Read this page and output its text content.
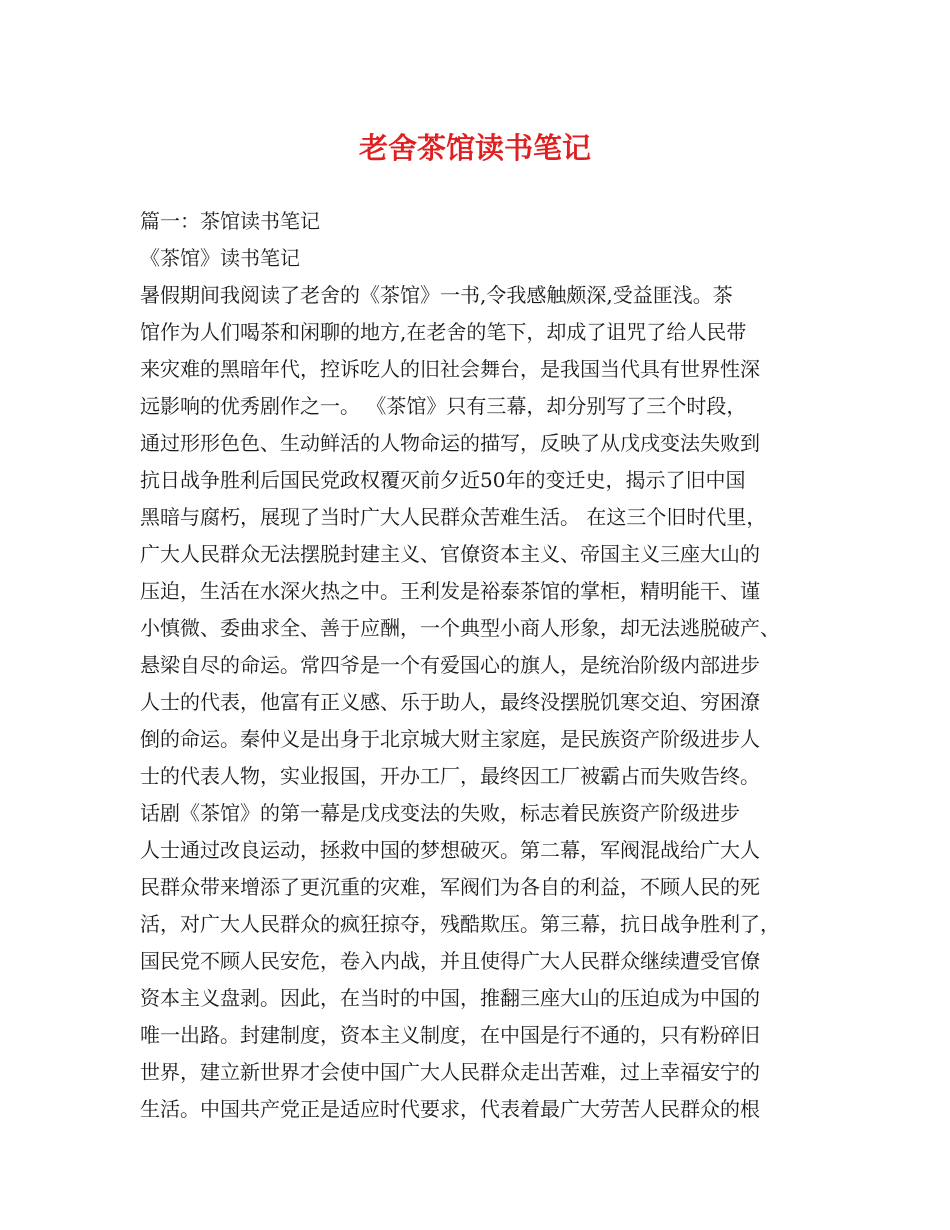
老舍茶馆读书笔记
篇一：茶馆读书笔记
《茶馆》读书笔记
暑假期间我阅读了老舍的《茶馆》一书,令我感触颇深,受益匪浅。茶
馆作为人们喝茶和闲聊的地方,在老舍的笔下，却成了诅咒了给人民带
来灾难的黑暗年代，控诉吃人的旧社会舞台，是我国当代具有世界性深
远影响的优秀剧作之一。 《茶馆》只有三幕，却分别写了三个时段，
通过形形色色、生动鲜活的人物命运的描写，反映了从戊戌变法失败到
抗日战争胜利后国民党政权覆灭前夕近50年的变迁史，揭示了旧中国
黑暗与腐朽，展现了当时广大人民群众苦难生活。 在这三个旧时代里，
广大人民群众无法摆脱封建主义、官僚资本主义、帝国主义三座大山的
压迫，生活在水深火热之中。王利发是裕泰茶馆的掌柜，精明能干、谨
小慎微、委曲求全、善于应酬，一个典型小商人形象，却无法逃脱破产、
悬梁自尽的命运。常四爷是一个有爱国心的旗人，是统治阶级内部进步
人士的代表，他富有正义感、乐于助人，最终没摆脱饥寒交迫、穷困潦
倒的命运。秦仲义是出身于北京城大财主家庭，是民族资产阶级进步人
士的代表人物，实业报国，开办工厂，最终因工厂被霸占而失败告终。
话剧《茶馆》的第一幕是戊戌变法的失败，标志着民族资产阶级进步
人士通过改良运动，拯救中国的梦想破灭。第二幕，军阀混战给广大人
民群众带来增添了更沉重的灾难，军阀们为各自的利益，不顾人民的死
活，对广大人民群众的疯狂掠夺，残酷欺压。第三幕，抗日战争胜利了，
国民党不顾人民安危，卷入内战，并且使得广大人民群众继续遭受官僚
资本主义盘剥。因此，在当时的中国，推翻三座大山的压迫成为中国的
唯一出路。封建制度，资本主义制度，在中国是行不通的，只有粉碎旧
世界，建立新世界才会使中国广大人民群众走出苦难，过上幸福安宁的
生活。中国共产党正是适应时代要求，代表着最广大劳苦人民群众的根
